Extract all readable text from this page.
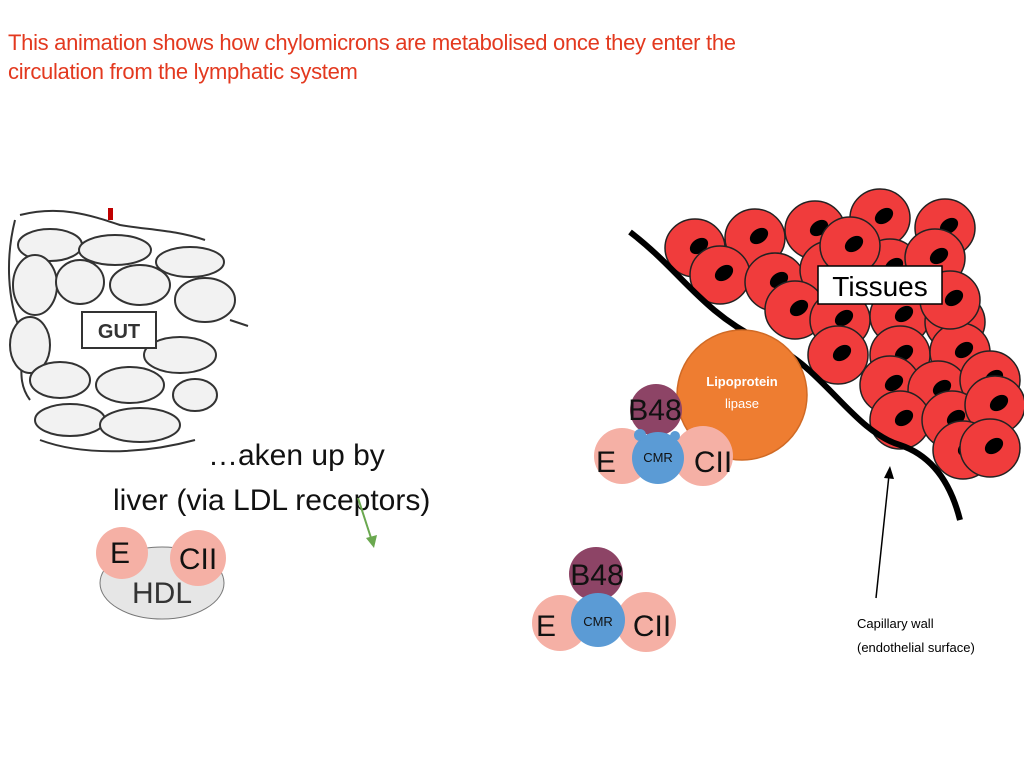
This animation shows how chylomicrons are metabolised once they enter the
circulation from the lymphatic system
GUT
Tissues
Lipoprotein
lipase
B48
E CMR CII
B48
E CMR CII
…aken up by
liver (via LDL receptors)
E CII
HDL
Capillary wall
(endothelial surface)
